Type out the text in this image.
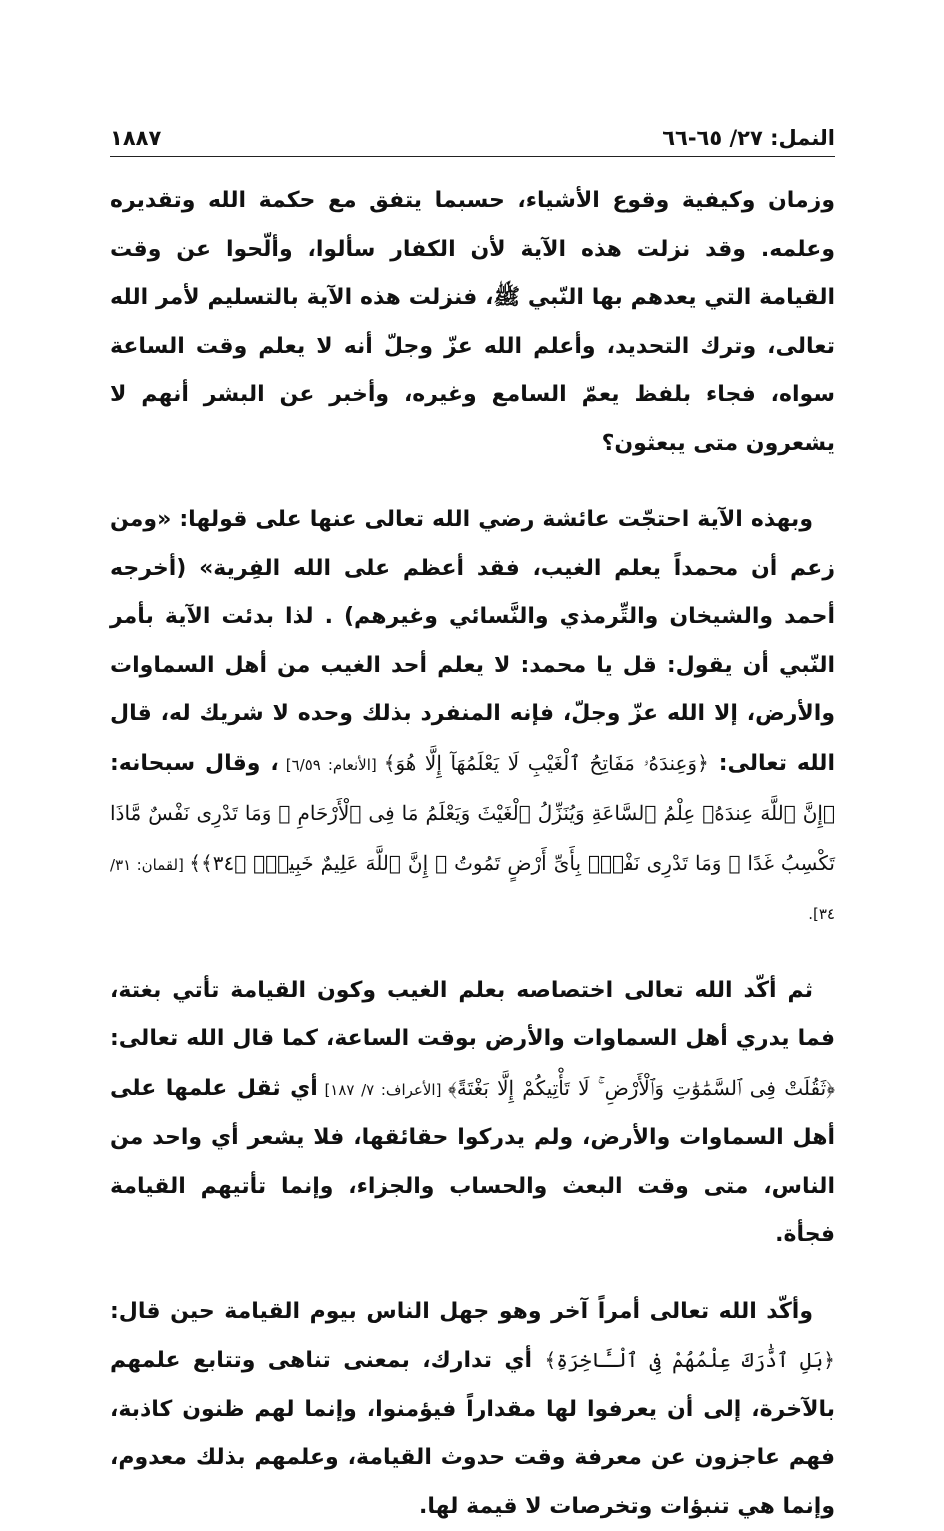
النمل: ٢٧/ ٦٥-٦٦
١٨٨٧

وزمان وكيفية وقوع الأشياء، حسبما يتفق مع حكمة الله وتقديره وعلمه. وقد نزلت هذه الآية لأن الكفار سألوا، وألّحوا عن وقت القيامة التي يعدهم بها النّبي ﷺ، فنزلت هذه الآية بالتسليم لأمر الله تعالى، وترك التحديد، وأعلم الله عزّ وجلّ أنه لا يعلم وقت الساعة سواه، فجاء بلفظ يعمّ السامع وغيره، وأخبر عن البشر أنهم لا يشعرون متى يبعثون؟

وبهذه الآية احتجّت عائشة رضي الله تعالى عنها على قولها: «ومن زعم أن محمداً يعلم الغيب، فقد أعظم على الله الفِرية» (أخرجه أحمد والشيخان والتِّرمذي والنَّسائي وغيرهم) . لذا بدئت الآية بأمر النّبي أن يقول: قل يا محمد: لا يعلم أحد الغيب من أهل السماوات والأرض، إلا الله عزّ وجلّ، فإنه المنفرد بذلك وحده لا شريك له، قال الله تعالى: ﴿وَعِندَهُۥ مَفَاتِحُ ٱلْغَيْبِ لَا يَعْلَمُهَآ إِلَّا هُوَ﴾ [الأنعام: ٦/٥٩] ، وقال سبحانه: ﴿إِنَّ ٱللَّهَ عِندَهُۥ عِلْمُ ٱلسَّاعَةِ وَيُنَزِّلُ ٱلْغَيْثَ وَيَعْلَمُ مَا فِى ٱلْأَرْحَامِ ۖ وَمَا تَدْرِى نَفْسٌ مَّاذَا تَكْسِبُ غَدًا ۖ وَمَا تَدْرِى نَفْسٌۢ بِأَىِّ أَرْضٍ تَمُوتُ ۚ إِنَّ ٱللَّهَ عَلِيمٌ خَبِيرٌۢ ﴿٣٤﴾﴾ [لقمان: ٣١/ ٣٤].

ثم أكّد الله تعالى اختصاصه بعلم الغيب وكون القيامة تأتي بغتة، فما يدري أهل السماوات والأرض بوقت الساعة، كما قال الله تعالى: ﴿ثَقُلَتْ فِى ٱلسَّمَٰوَٰتِ وَٱلْأَرْضِ ۚ لَا تَأْتِيكُمْ إِلَّا بَغْتَةً﴾ [الأعراف: ٧/ ١٨٧] أي ثقل علمها على أهل السماوات والأرض، ولم يدركوا حقائقها، فلا يشعر أي واحد من الناس، متى وقت البعث والحساب والجزاء، وإنما تأتيهم القيامة فجأة.

وأكّد الله تعالى أمراً آخر وهو جهل الناس بيوم القيامة حين قال: ﴿بَلِ ٱدَّٰرَكَ عِلْمُهُمْ فِى ٱلْـَٔاخِرَةِ﴾ أي تدارك، بمعنى تناهى وتتابع علمهم بالآخرة، إلى أن يعرفوا لها مقداراً فيؤمنوا، وإنما لهم ظنون كاذبة، فهم عاجزون عن معرفة وقت حدوث القيامة، وعلمهم بذلك معدوم، وإنما هي تنبؤات وتخرصات لا قيمة لها.
